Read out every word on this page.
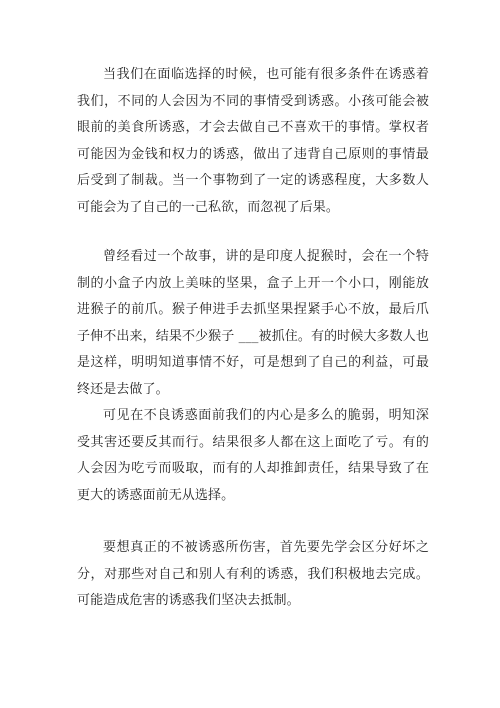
当我们在面临选择的时候，也可能有很多条件在诱惑着我们，不同的人会因为不同的事情受到诱惑。小孩可能会被眼前的美食所诱惑，才会去做自己不喜欢干的事情。掌权者可能因为金钱和权力的诱惑，做出了违背自己原则的事情最后受到了制裁。当一个事物到了一定的诱惑程度，大多数人可能会为了自己的一己私欲，而忽视了后果。

曾经看过一个故事，讲的是印度人捉猴时，会在一个特制的小盒子内放上美味的坚果，盒子上开一个小口，刚能放进猴子的前爪。猴子伸进手去抓坚果捏紧手心不放，最后爪子伸不出来，结果不少猴子 ___被抓住。有的时候大多数人也是这样，明明知道事情不好，可是想到了自己的利益，可最终还是去做了。

可见在不良诱惑面前我们的内心是多么的脆弱，明知深受其害还要反其而行。结果很多人都在这上面吃了亏。有的人会因为吃亏而吸取，而有的人却推卸责任，结果导致了在更大的诱惑面前无从选择。

要想真正的不被诱惑所伤害，首先要先学会区分好坏之分，对那些对自己和别人有利的诱惑，我们积极地去完成。可能造成危害的诱惑我们坚决去抵制。
